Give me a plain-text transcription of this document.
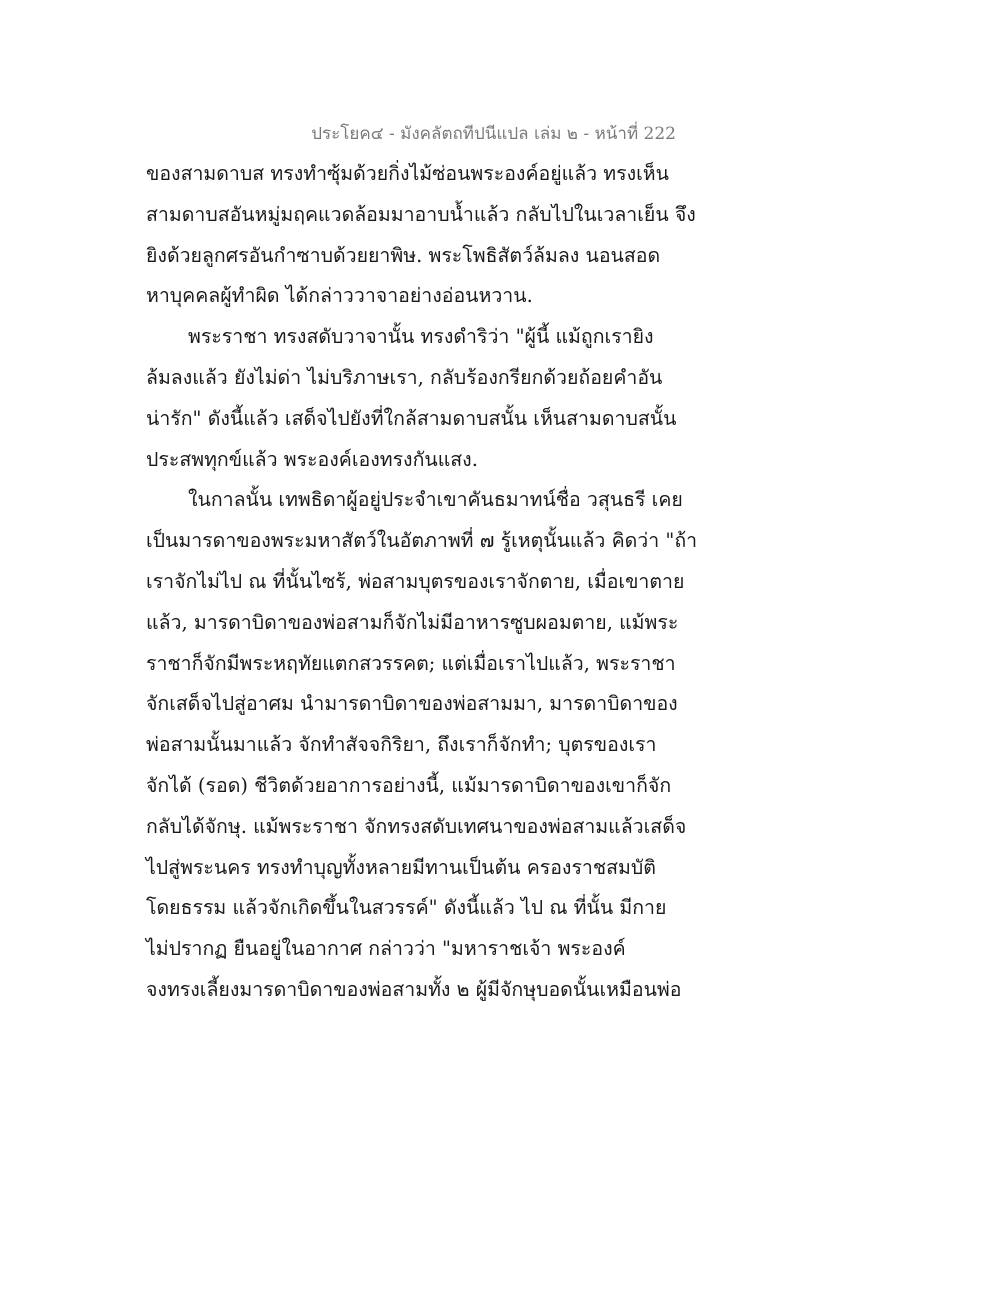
ประโยค๔ - มังคลัตถทีปนีแปล เล่ม ๒ - หน้าที่ 222
ของสามดาบส ทรงทำซุ้มด้วยกิ่งไม้ซ่อนพระองค์อยู่แล้ว ทรงเห็น
สามดาบสอันหมู่มฤคแวดล้อมมาอาบน้ำแล้ว กลับไปในเวลาเย็น จึง
ยิงด้วยลูกศรอันกำซาบด้วยยาพิษ. พระโพธิสัตว์ล้มลง นอนสอด
หาบุคคลผู้ทำผิด ได้กล่าววาจาอย่างอ่อนหวาน.
พระราชา ทรงสดับวาจานั้น ทรงดำริว่า "ผู้นี้ แม้ถูกเรายิง
ล้มลงแล้ว ยังไม่ด่า ไม่บริภาษเรา, กลับร้องกรียกด้วยถ้อยคำอัน
น่ารัก" ดังนี้แล้ว เสด็จไปยังที่ใกล้สามดาบสนั้น เห็นสามดาบสนั้น
ประสพทุกข์แล้ว พระองค์เองทรงกันแสง.
ในกาลนั้น เทพธิดาผู้อยู่ประจำเขาคันธมาทน์ชื่อ วสุนธรี เคย
เป็นมารดาของพระมหาสัตว์ในอัตภาพที่ ๗ รู้เหตุนั้นแล้ว คิดว่า "ถ้า
เราจักไม่ไป ณ ที่นั้นไซร้, พ่อสามบุตรของเราจักตาย, เมื่อเขาตาย
แล้ว, มารดาบิดาของพ่อสามก็จักไม่มีอาหารซูบผอมตาย, แม้พระ
ราชาก็จักมีพระหฤทัยแตกสวรรคต; แต่เมื่อเราไปแล้ว, พระราชา
จักเสด็จไปสู่อาศม นำมารดาบิดาของพ่อสามมา, มารดาบิดาของ
พ่อสามนั้นมาแล้ว จักทำสัจจกิริยา, ถึงเราก็จักทำ; บุตรของเรา
จักได้ (รอด) ชีวิตด้วยอาการอย่างนี้, แม้มารดาบิดาของเขาก็จัก
กลับได้จักษุ. แม้พระราชา จักทรงสดับเทศนาของพ่อสามแล้วเสด็จ
ไปสู่พระนคร ทรงทำบุญทั้งหลายมีทานเป็นต้น ครองราชสมบัติ
โดยธรรม แล้วจักเกิดขึ้นในสวรรค์" ดังนี้แล้ว ไป ณ ที่นั้น มีกาย
ไม่ปรากฏ ยืนอยู่ในอากาศ กล่าวว่า "มหาราชเจ้า พระองค์
จงทรงเลี้ยงมารดาบิดาของพ่อสามทั้ง ๒ ผู้มีจักษุบอดนั้นเหมือนพ่อ
